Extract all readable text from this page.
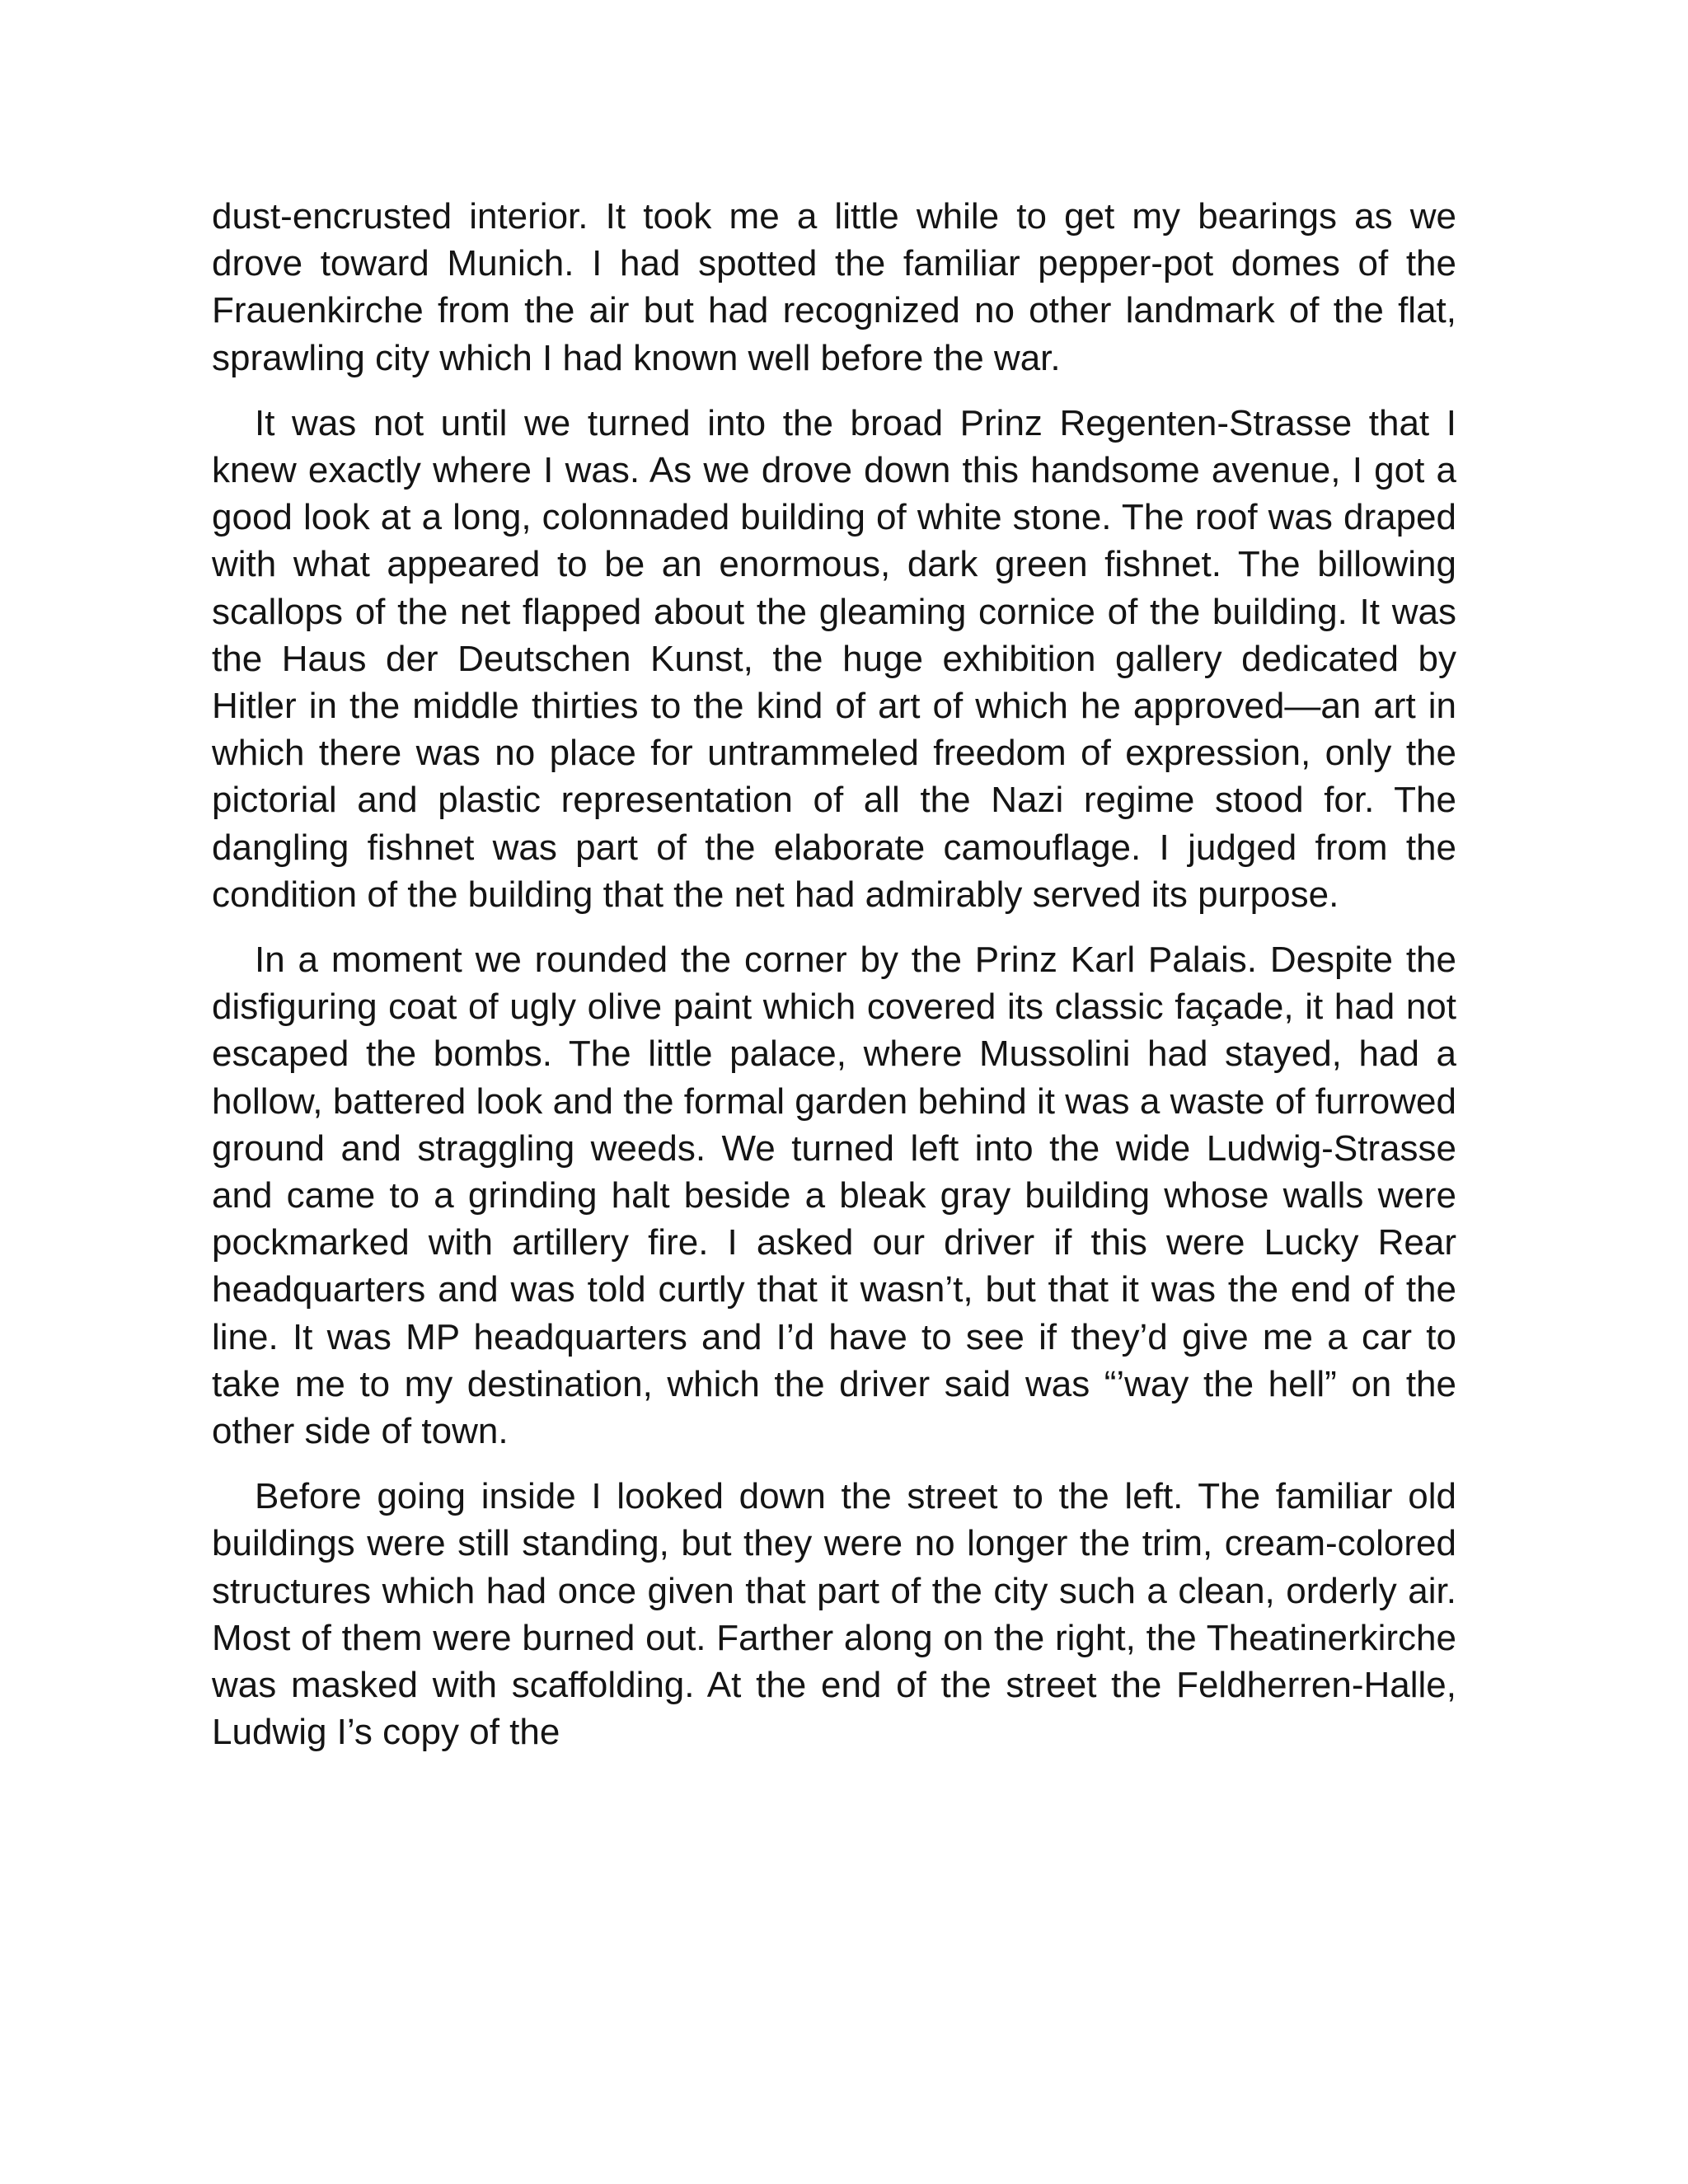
dust-encrusted interior. It took me a little while to get my bearings as we drove toward Munich. I had spotted the familiar pepper-pot domes of the Frauenkirche from the air but had recognized no other landmark of the flat, sprawling city which I had known well before the war.

It was not until we turned into the broad Prinz Regenten-Strasse that I knew exactly where I was. As we drove down this handsome avenue, I got a good look at a long, colonnaded building of white stone. The roof was draped with what appeared to be an enormous, dark green fishnet. The billowing scallops of the net flapped about the gleaming cornice of the building. It was the Haus der Deutschen Kunst, the huge exhibition gallery dedicated by Hitler in the middle thirties to the kind of art of which he approved—an art in which there was no place for untrammeled freedom of expression, only the pictorial and plastic representation of all the Nazi regime stood for. The dangling fishnet was part of the elaborate camouflage. I judged from the condition of the building that the net had admirably served its purpose.

In a moment we rounded the corner by the Prinz Karl Palais. Despite the disfiguring coat of ugly olive paint which covered its classic façade, it had not escaped the bombs. The little palace, where Mussolini had stayed, had a hollow, battered look and the formal garden behind it was a waste of furrowed ground and straggling weeds. We turned left into the wide Ludwig-Strasse and came to a grinding halt beside a bleak gray building whose walls were pockmarked with artillery fire. I asked our driver if this were Lucky Rear headquarters and was told curtly that it wasn’t, but that it was the end of the line. It was MP headquarters and I’d have to see if they’d give me a car to take me to my destination, which the driver said was “’way the hell” on the other side of town.

Before going inside I looked down the street to the left. The familiar old buildings were still standing, but they were no longer the trim, cream-colored structures which had once given that part of the city such a clean, orderly air. Most of them were burned out. Farther along on the right, the Theatinerkirche was masked with scaffolding. At the end of the street the Feldherren-Halle, Ludwig I’s copy of the
